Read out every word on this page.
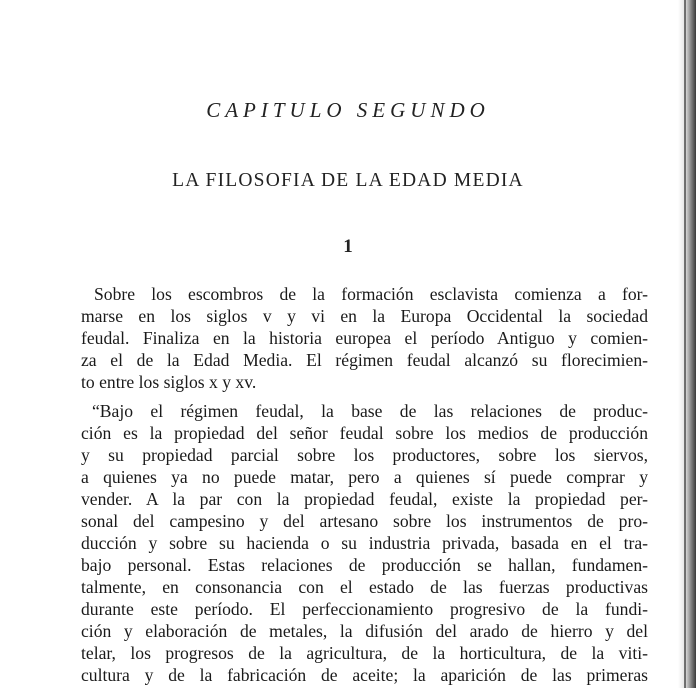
CAPITULO SEGUNDO
LA FILOSOFIA DE LA EDAD MEDIA
1
Sobre los escombros de la formación esclavista comienza a for-
marse en los siglos v y vi en la Europa Occidental la sociedad
feudal. Finaliza en la historia europea el período Antiguo y comien-
za el de la Edad Media. El régimen feudal alcanzó su florecimien-
to entre los siglos x y xv.
“Bajo el régimen feudal, la base de las relaciones de produc-
ción es la propiedad del señor feudal sobre los medios de producción
y su propiedad parcial sobre los productores, sobre los siervos,
a quienes ya no puede matar, pero a quienes sí puede comprar y
vender. A la par con la propiedad feudal, existe la propiedad per-
sonal del campesino y del artesano sobre los instrumentos de pro-
ducción y sobre su hacienda o su industria privada, basada en el tra-
bajo personal. Estas relaciones de producción se hallan, fundamen-
talmente, en consonancia con el estado de las fuerzas productivas
durante este período. El perfeccionamiento progresivo de la fundi-
ción y elaboración de metales, la difusión del arado de hierro y del
telar, los progresos de la agricultura, de la horticultura, de la viti-
cultura y de la fabricación de aceite; la aparición de las primeras
